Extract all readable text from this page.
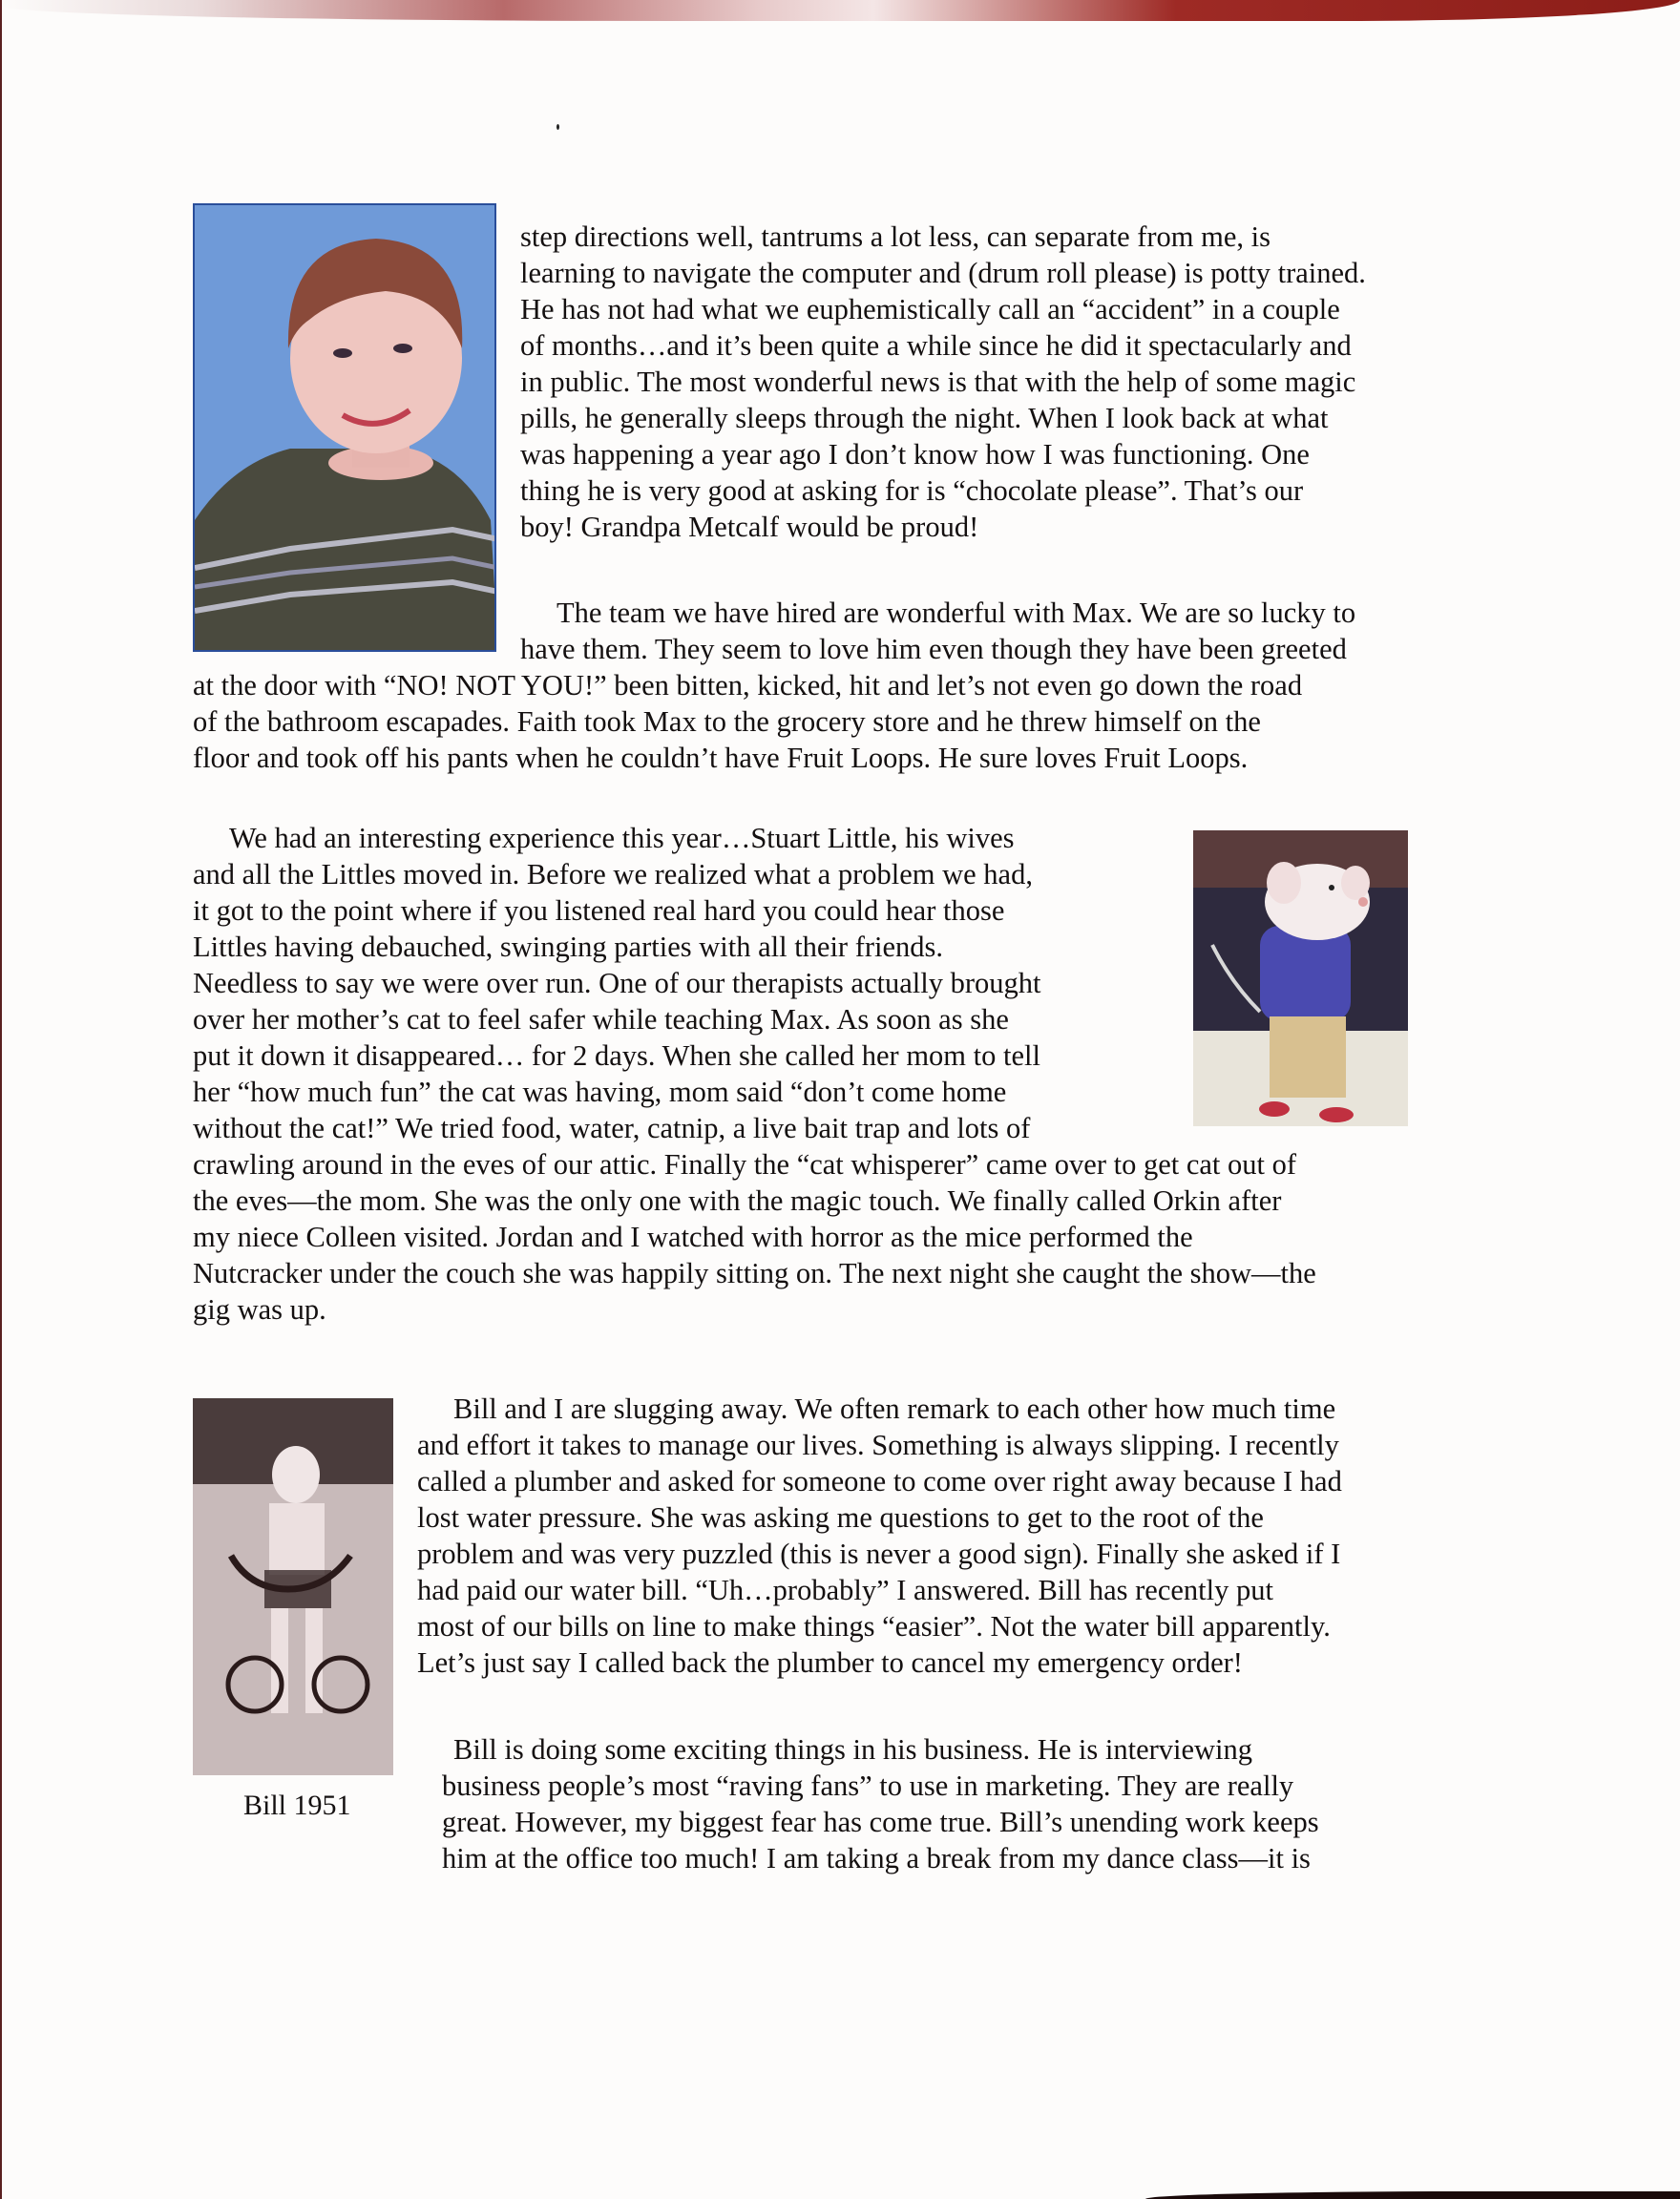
Bill 1951
step directions well, tantrums a lot less, can separate from me, is
learning to navigate the computer and (drum roll please) is potty trained.
He has not had what we euphemistically call an “accident” in a couple
of months…and it’s been quite a while since he did it spectacularly and
in public. The most wonderful news is that with the help of some magic
pills, he generally sleeps through the night. When I look back at what
was happening a year ago I don’t know how I was functioning. One
thing he is very good at asking for is “chocolate please”. That’s our
boy! Grandpa Metcalf would be proud!
The team we have hired are wonderful with Max. We are so lucky to
have them. They seem to love him even though they have been greeted
at the door with “NO! NOT YOU!” been bitten, kicked, hit and let’s not even go down the road
of the bathroom escapades. Faith took Max to the grocery store and he threw himself on the
floor and took off his pants when he couldn’t have Fruit Loops. He sure loves Fruit Loops.
We had an interesting experience this year…Stuart Little, his wives
and all the Littles moved in. Before we realized what a problem we had,
it got to the point where if you listened real hard you could hear those
Littles having debauched, swinging parties with all their friends.
Needless to say we were over run. One of our therapists actually brought
over her mother’s cat to feel safer while teaching Max. As soon as she
put it down it disappeared… for 2 days. When she called her mom to tell
her “how much fun” the cat was having, mom said “don’t come home
without the cat!” We tried food, water, catnip, a live bait trap and lots of
crawling around in the eves of our attic. Finally the “cat whisperer” came over to get cat out of
the eves—the mom. She was the only one with the magic touch. We finally called Orkin after
my niece Colleen visited. Jordan and I watched with horror as the mice performed the
Nutcracker under the couch she was happily sitting on. The next night she caught the show—the
gig was up.
Bill and I are slugging away. We often remark to each other how much time
and effort it takes to manage our lives. Something is always slipping. I recently
called a plumber and asked for someone to come over right away because I had
lost water pressure. She was asking me questions to get to the root of the
problem and was very puzzled (this is never a good sign). Finally she asked if I
had paid our water bill. “Uh…probably” I answered. Bill has recently put
most of our bills on line to make things “easier”. Not the water bill apparently.
Let’s just say I called back the plumber to cancel my emergency order!
Bill is doing some exciting things in his business. He is interviewing
business people’s most “raving fans” to use in marketing. They are really
great. However, my biggest fear has come true. Bill’s unending work keeps
him at the office too much! I am taking a break from my dance class—it is
